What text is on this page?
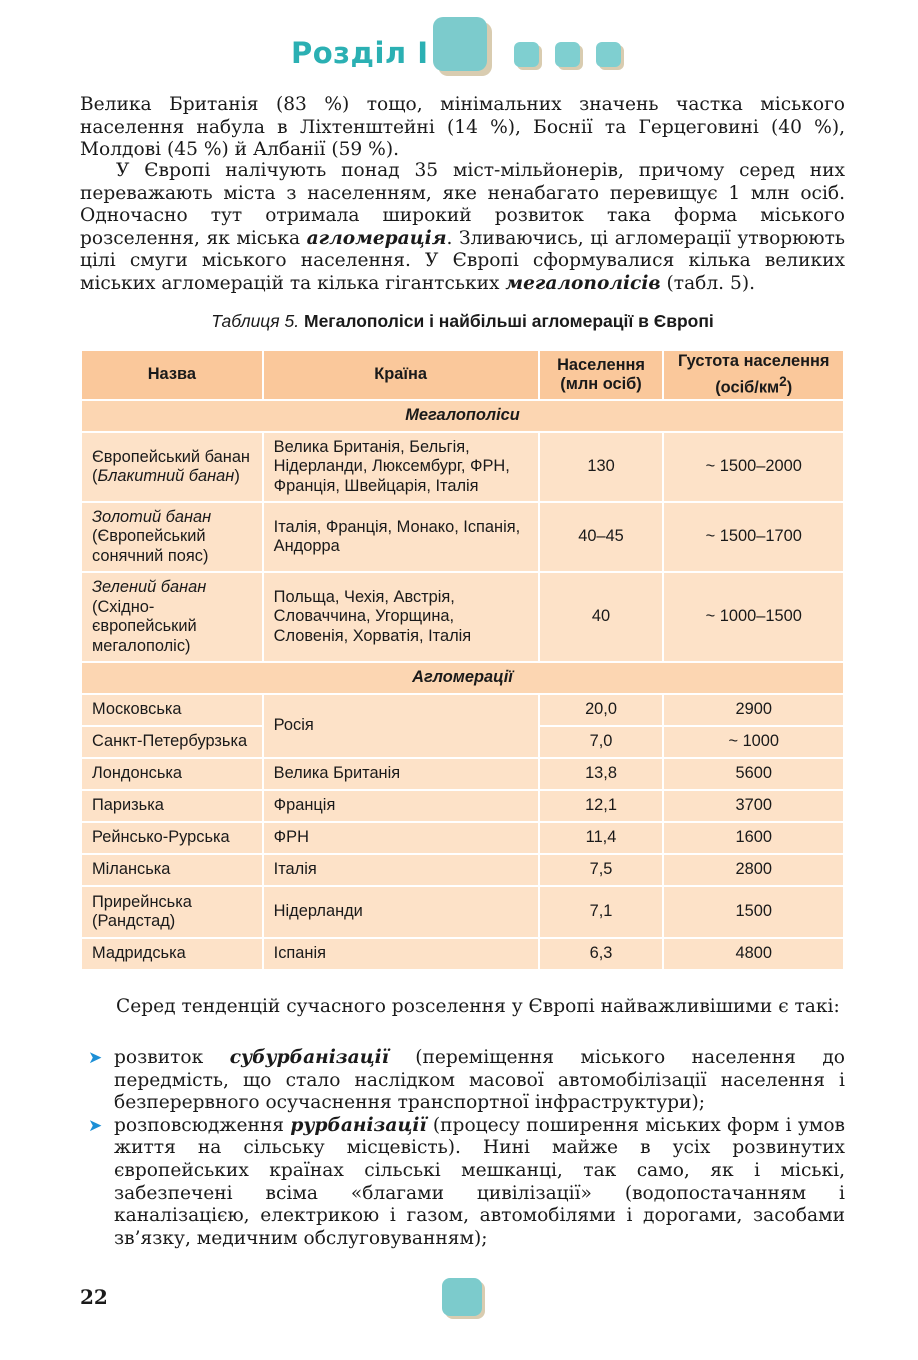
Розділ І

Велика Британія (83 %) тощо, мінімальних значень частка міського населення набула в Ліхтенштейні (14 %), Боснії та Герцеговині (40 %), Молдові (45 %) й Албанії (59 %).

У Європі налічують понад 35 міст-мільйонерів, причому серед них переважають міста з населенням, яке ненабагато перевищує 1 млн осіб. Одночасно тут отримала широкий розвиток така форма міського розселення, як міська агломерація. Зливаючись, ці агломерації утворюють цілі смуги міського населення. У Європі сформувалися кілька великих міських агломерацій та кілька гігантських мегалополісів (табл. 5).

Таблиця 5. Мегалополіси і найбільші агломерації в Європі
Назва	Країна	Населення (млн осіб)	Густота населення
$(осіб/км^2)$
Мегалополіси			
Європейський банан (Блакитний банан)	Велика Британія, Бельгія, Нідерланди, Люксембург, ФРН, Франція, Швейцарія, Італія	130	~ 1500–2000
Золотий банан
(Європейський сонячний пояс)	Італія, Франція, Монако, Іспанія, Андорра	40–45	~ 1500–1700
Зелений банан
(Східно-європейський мегалополіс)	Польща, Чехія, Австрія, Словаччина, Угорщина, Словенія, Хорватія, Італія	40	~ 1000–1500
Агломерації			
Московська	Росія	20,0	2900
Санкт-Петербурзька		7,0	~ 1000
Лондонська	Велика Британія	13,8	5600
Паризька	Франція	12,1	3700
Рейнсько-Рурська	ФРН	11,4	1600
Міланська	Італія	7,5	2800
Прирейнська (Рандстад)	Нідерланди	7,1	1500
Мадридська	Іспанія	6,3	4800

Серед тенденцій сучасного розселення у Європі найважливішими є такі:

➤ розвиток субурбанізації (переміщення міського населення до передмість, що стало наслідком масової автомобілізації населення і безперервного осучаснення транспортної інфраструктури);
➤ розповсюдження рурбанізації (процесу поширення міських форм і умов життя на сільську місцевість). Нині майже в усіх розвинутих європейських країнах сільські мешканці, так само, як і міські, забезпечені всіма «благами цивілізації» (водопостачанням і каналізацією, електрикою і газом, автомобілями і дорогами, засобами зв’язку, медичним обслуговуванням);
22
